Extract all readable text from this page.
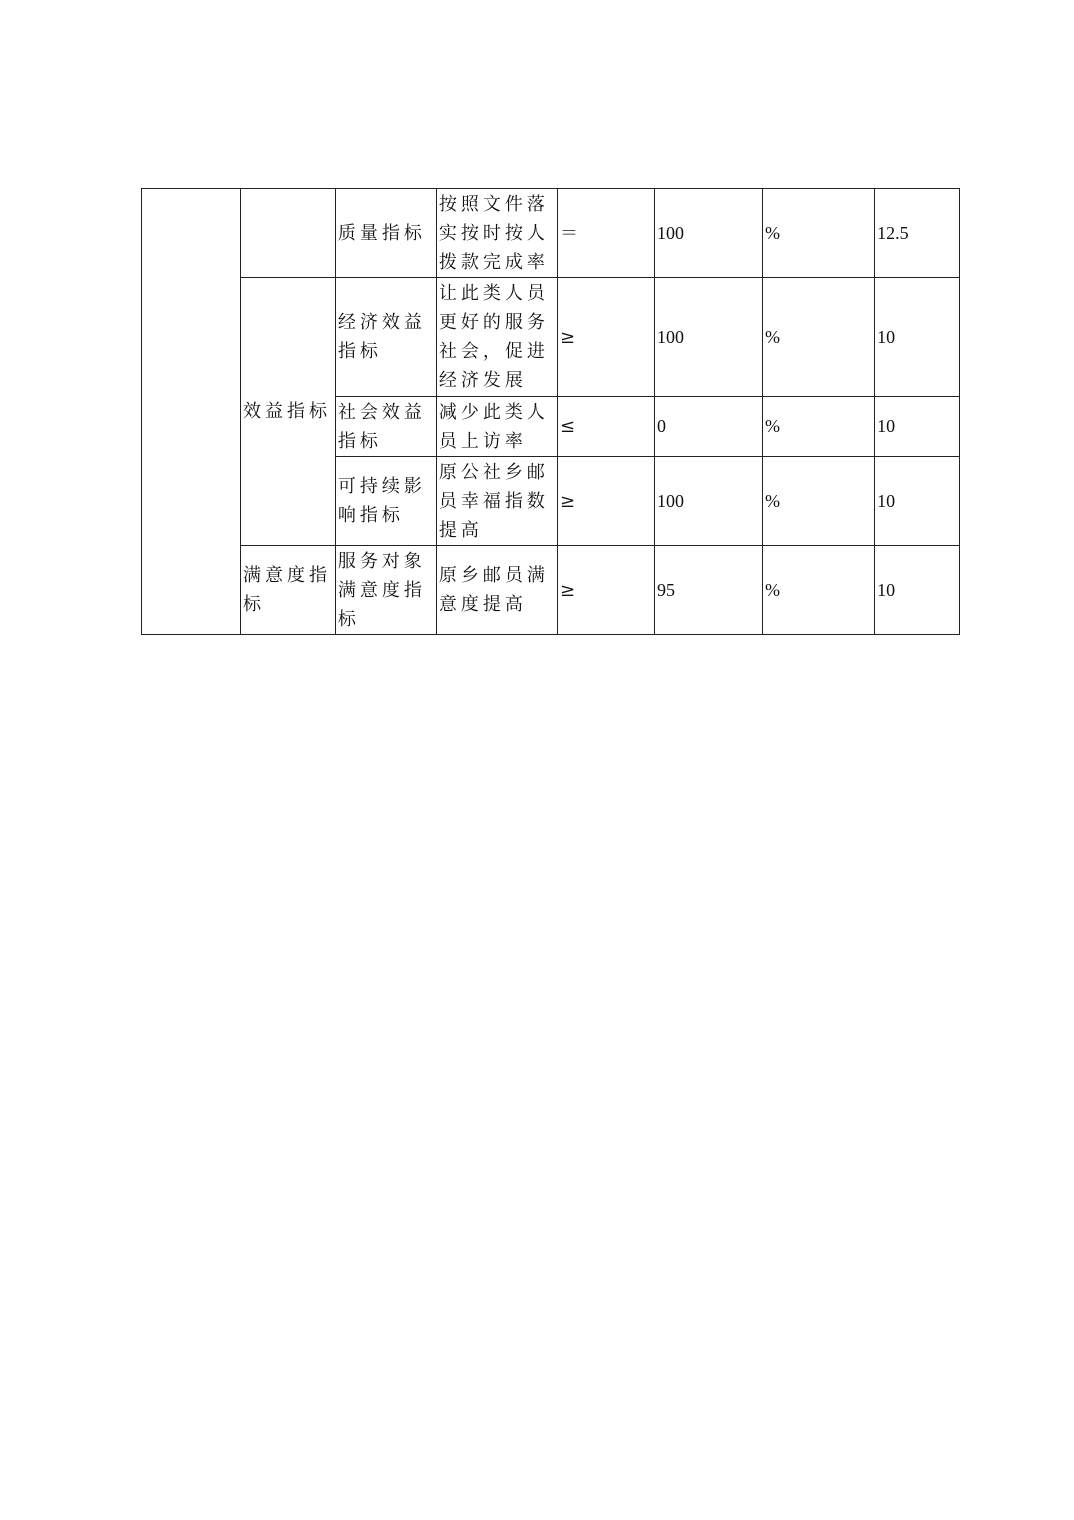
		质量指标	按照文件落实按时按人拨款完成率	＝	100	%	12.5
	效益指标	经济效益指标	让此类人员更好的服务社会，促进经济发展	≥	100	%	10
		社会效益指标	减少此类人员上访率	≤	0	%	10
		可持续影响指标	原公社乡邮员幸福指数提高	≥	100	%	10
	满意度指标	服务对象满意度指标	原乡邮员满意度提高	≥	95	%	10
